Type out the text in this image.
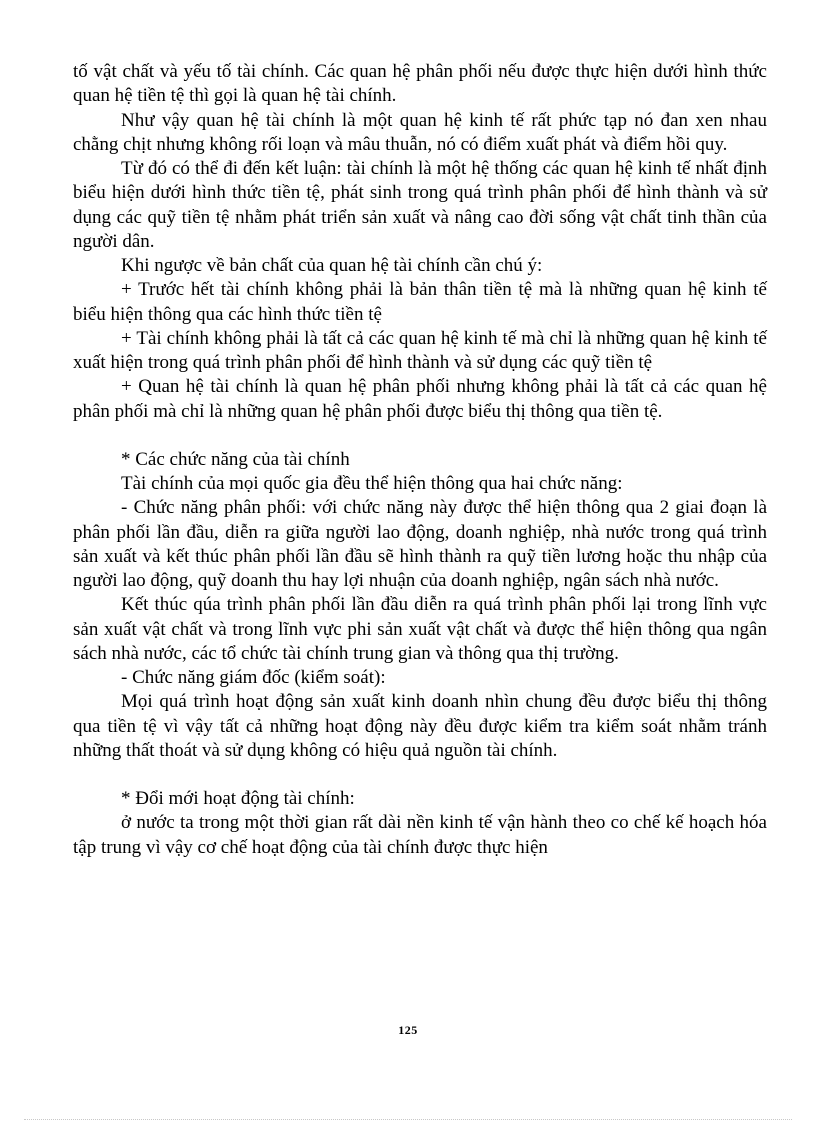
tố vật chất và yếu tố tài chính. Các quan hệ phân phối nếu được thực hiện dưới hình thức quan hệ tiền tệ thì gọi là quan hệ tài chính.

Như vậy quan hệ tài chính là một quan hệ kinh tế rất phức tạp nó đan xen nhau chằng chịt nhưng không rối loạn và mâu thuẫn, nó có điểm xuất phát và điểm hồi quy.

Từ đó có thể đi đến kết luận: tài chính là một hệ thống các quan hệ kinh tế nhất định biểu hiện dưới hình thức tiền tệ, phát sinh trong quá trình phân phối để hình thành và sử dụng các quỹ tiền tệ nhằm phát triển sản xuất và nâng cao đời sống vật chất tinh thần của người dân.

Khi ngược về bản chất của quan hệ tài chính cần chú ý:

+ Trước hết tài chính không phải là bản thân tiền tệ mà là những quan hệ kinh tế biểu hiện thông qua các hình thức tiền tệ

+ Tài chính không phải là tất cả các quan hệ kinh tế mà chỉ là những quan hệ kinh tế xuất hiện trong quá trình phân phối để hình thành và sử dụng các quỹ tiền tệ

+ Quan hệ tài chính là quan hệ phân phối nhưng không phải là tất cả các quan hệ phân phối mà chỉ là những quan hệ phân phối được biểu thị thông qua tiền tệ.

* Các chức năng của tài chính

Tài chính của mọi quốc gia đều thể hiện thông qua hai chức năng:

- Chức năng phân phối: với chức năng này được thể hiện thông qua 2 giai đoạn là phân phối lần đầu, diễn ra giữa người lao động, doanh nghiệp, nhà nước trong quá trình sản xuất và kết thúc phân phối lần đầu sẽ hình thành ra quỹ tiền lương hoặc thu nhập của người lao động, quỹ doanh thu hay lợi nhuận của doanh nghiệp, ngân sách nhà nước.

Kết thúc qúa trình phân phối lần đầu diễn ra quá trình phân phối lại trong lĩnh vực sản xuất vật chất và trong lĩnh vực phi sản xuất vật chất và được thể hiện thông qua ngân sách nhà nước, các tổ chức tài chính trung gian và thông qua thị trường.

- Chức năng giám đốc (kiểm soát):

Mọi quá trình hoạt động sản xuất kinh doanh nhìn chung đều được biểu thị thông qua tiền tệ vì vậy tất cả những hoạt động này đều được kiểm tra kiểm soát nhằm tránh những thất thoát và sử dụng không có hiệu quả nguồn tài chính.

* Đổi mới hoạt động tài chính:

ở nước ta trong một thời gian rất dài nền kinh tế vận hành theo co chế kế hoạch hóa tập trung vì vậy cơ chế hoạt động của tài chính được thực hiện

125
